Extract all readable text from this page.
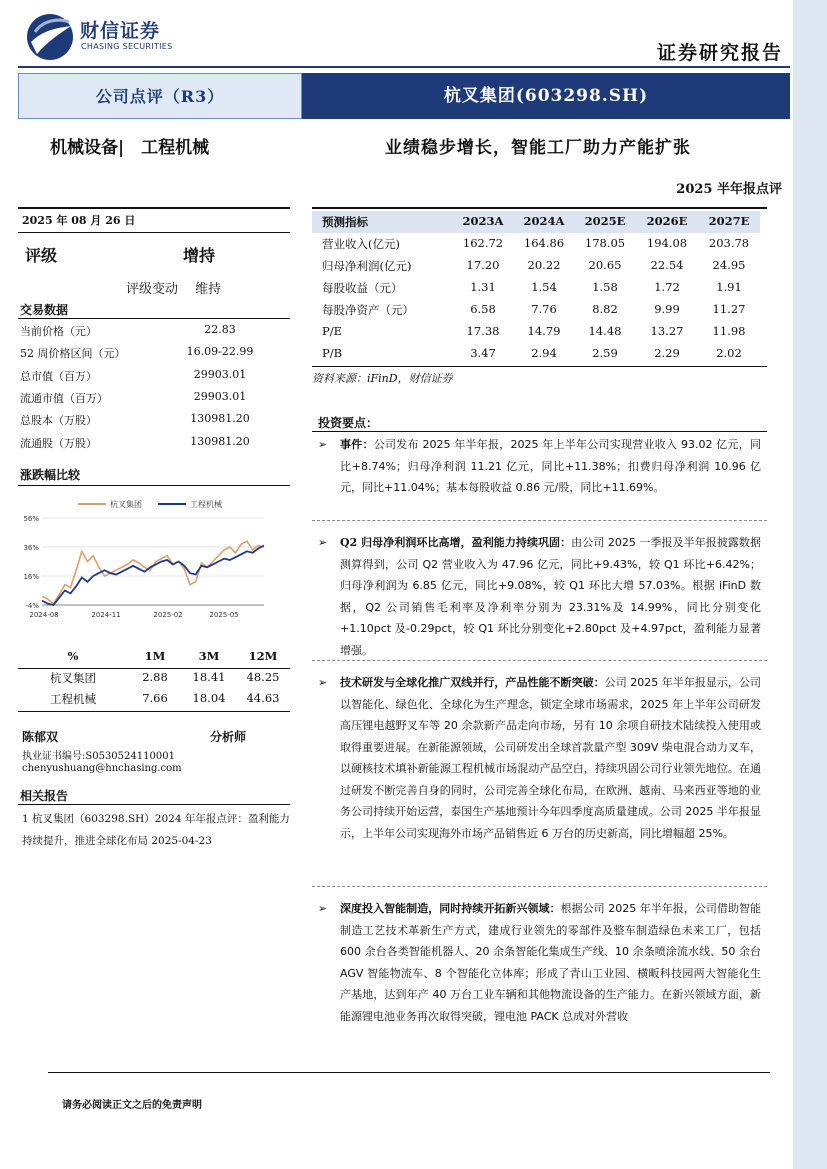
财信证券
CHASING SECURITIES	证券研究报告
公司点评（R3）	杭叉集团(603298.SH)
机械设备|　工程机械	业绩稳步增长，智能工厂助力产能扩张
2025 半年报点评
2025 年 08 月 26 日
评级	增持
评级变动　 维持
交易数据
当前价格（元）	22.83
52 周价格区间（元）	16.09-22.99
总市值（百万）	29903.01
流通市值（百万）	29903.01
总股本（万股）	130981.20
流通股（万股）	130981.20
涨跌幅比较
56%
36%
16%
-4%
2024-08	2024-11	2025-02	2025-05
杭叉集团	工程机械
%	1M	3M	12M
杭叉集团	2.88	18.41	48.25
工程机械	7.66	18.04	44.63
陈郁双	分析师
执业证书编号:S0530524110001
chenyushuang@hnchasing.com
相关报告
1 杭叉集团（603298.SH）2024 年年报点评：盈利能力持续提升，推进全球化布局 2025-04-23
预测指标	2023A	2024A	2025E	2026E	2027E
营业收入(亿元)	162.72	164.86	178.05	194.08	203.78
归母净利润(亿元)	17.20	20.22	20.65	22.54	24.95
每股收益（元）	1.31	1.54	1.58	1.72	1.91
每股净资产（元）	6.58	7.76	8.82	9.99	11.27
P/E	17.38	14.79	14.48	13.27	11.98
P/B	3.47	2.94	2.59	2.29	2.02
资料来源：iFinD，财信证券
投资要点：
➢ 事件：公司发布 2025 年半年报，2025 年上半年公司实现营业收入 93.02 亿元，同比+8.74%；归母净利润 11.21 亿元，同比+11.38%；扣费归母净利润 10.96 亿元，同比+11.04%；基本每股收益 0.86 元/股，同比+11.69%。
➢ Q2 归母净利润环比高增，盈利能力持续巩固：由公司 2025 一季报及半年报披露数据测算得到，公司 Q2 营业收入为 47.96 亿元，同比+9.43%，较 Q1 环比+6.42%；归母净利润为 6.85 亿元，同比+9.08%，较 Q1 环比大增 57.03%。根据 iFinD 数据，Q2 公司销售毛利率及净利率分别为 23.31%及 14.99%，同比分别变化+1.10pct 及-0.29pct，较 Q1 环比分别变化+2.80pct 及+4.97pct，盈利能力显著增强。
➢ 技术研发与全球化推广双线并行，产品性能不断突破：公司 2025 年半年报显示，公司以智能化、绿色化、全球化为生产理念，锁定全球市场需求，2025 年上半年公司研发高压锂电越野叉车等 20 余款新产品走向市场，另有 10 余项自研技术陆续投入使用或取得重要进展。在新能源领域，公司研发出全球首款量产型 309V 柴电混合动力叉车，以硬核技术填补新能源工程机械市场混动产品空白，持续巩固公司行业领先地位。在通过研发不断完善自身的同时，公司完善全球化布局，在欧洲、越南、马来西亚等地的业务公司持续开始运营，泰国生产基地预计今年四季度高质量建成。公司 2025 半年报显示，上半年公司实现海外市场产品销售近 6 万台的历史新高，同比增幅超 25%。
➢ 深度投入智能制造，同时持续开拓新兴领域：根据公司 2025 年半年报，公司借助智能制造工艺技术革新生产方式，建成行业领先的零部件及整车制造绿色未来工厂，包括 600 余台各类智能机器人、20 余条智能化集成生产线、10 余条喷涂流水线、50 余台 AGV 智能物流车、8 个智能化立体库；形成了青山工业园、横畈科技园两大智能化生产基地，达到年产 40 万台工业车辆和其他物流设备的生产能力。在新兴领域方面，新能源锂电池业务再次取得突破，锂电池 PACK 总成对外营收
请务必阅读正文之后的免责声明
